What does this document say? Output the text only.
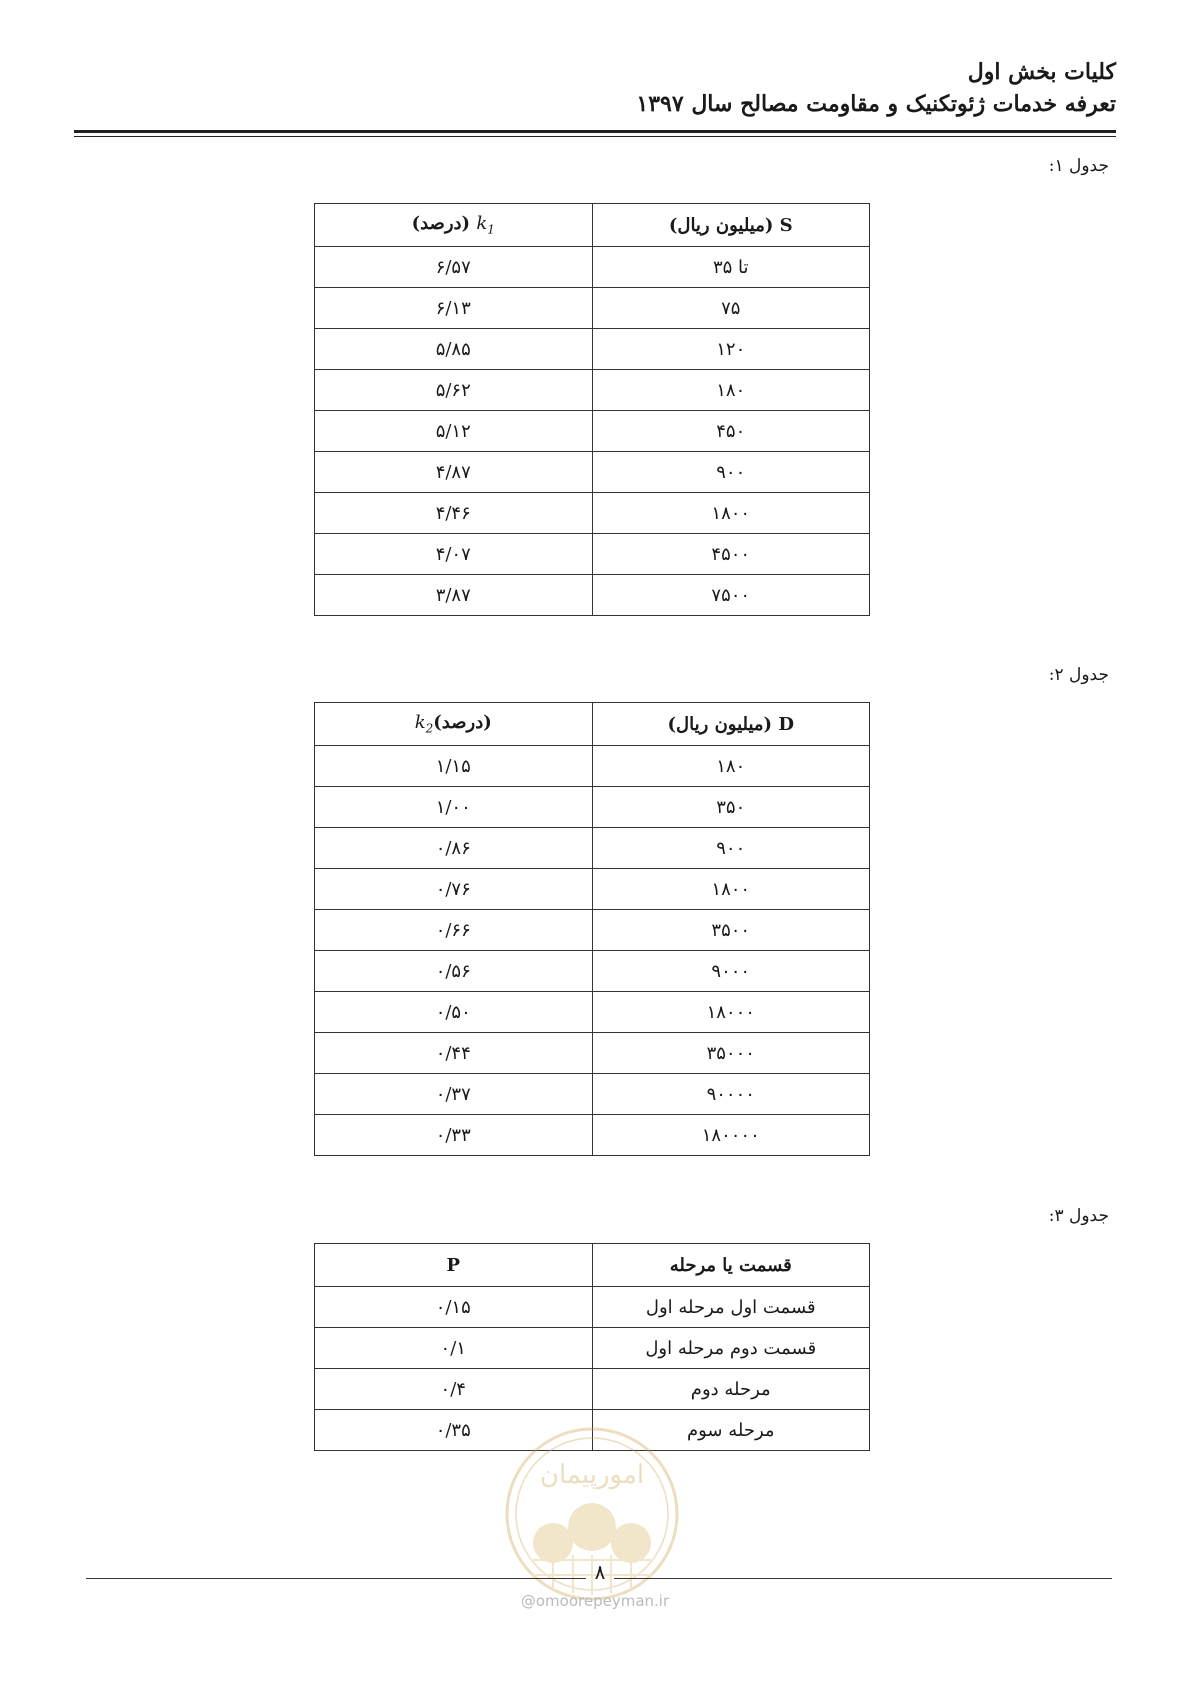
کلیات بخش اول
تعرفه خدمات ژئوتکنیک و مقاومت مصالح سال ۱۳۹۷
جدول ۱:
S (میلیون ریال)	$k_1$ (درصد)
تا ۳۵	۶/۵۷
۷۵	۶/۱۳
۱۲۰	۵/۸۵
۱۸۰	۵/۶۲
۴۵۰	۵/۱۲
۹۰۰	۴/۸۷
۱۸۰۰	۴/۴۶
۴۵۰۰	۴/۰۷
۷۵۰۰	۳/۸۷
جدول ۲:
D (میلیون ریال)	$(درصد)k_2$
۱۸۰	۱/۱۵
۳۵۰	۱/۰۰
۹۰۰	۰/۸۶
۱۸۰۰	۰/۷۶
۳۵۰۰	۰/۶۶
۹۰۰۰	۰/۵۶
۱۸۰۰۰	۰/۵۰
۳۵۰۰۰	۰/۴۴
۹۰۰۰۰	۰/۳۷
۱۸۰۰۰۰	۰/۳۳
جدول ۳:
قسمت یا مرحله	P
قسمت اول مرحله اول	۰/۱۵
قسمت دوم مرحله اول	۰/۱
مرحله دوم	۰/۴
مرحله سوم	۰/۳۵
امورپیمان
۸
@omoorepeyman.ir
